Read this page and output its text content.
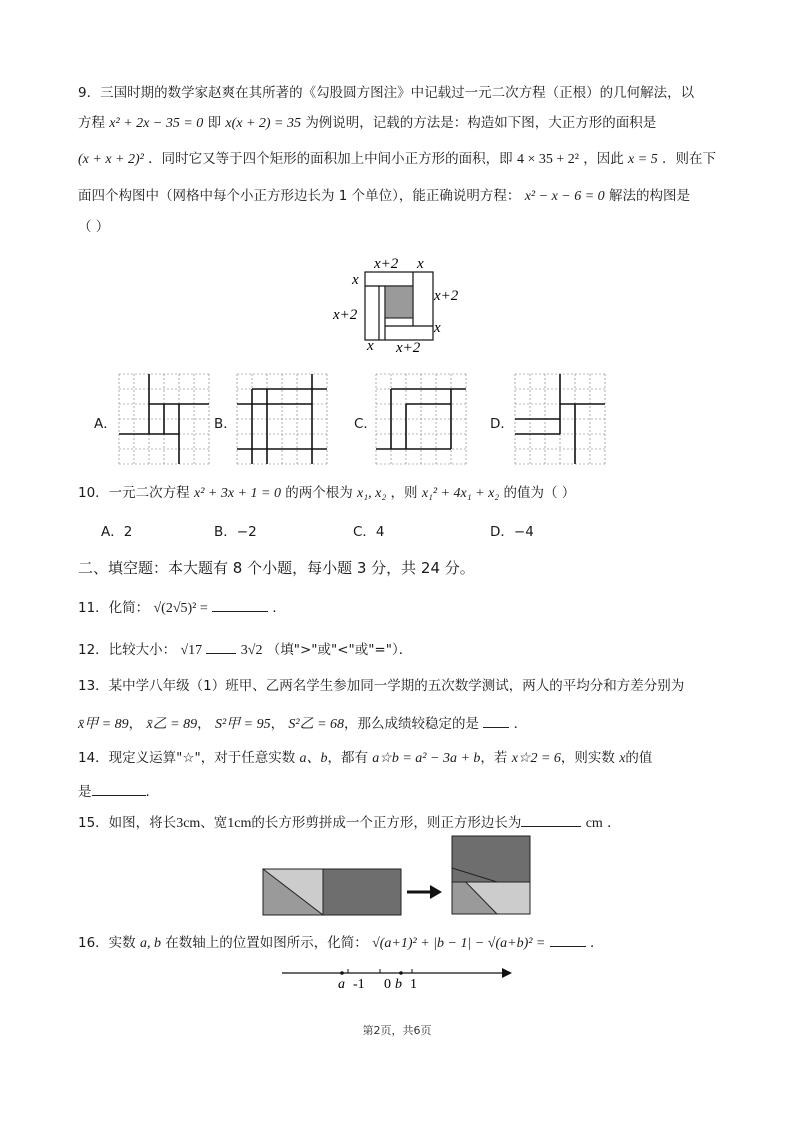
9．三国时期的数学家赵爽在其所著的《勾股圆方图注》中记载过一元二次方程（正根）的几何解法，以
方程 x² + 2x − 35 = 0 即 x(x + 2) = 35 为例说明，记载的方法是：构造如下图，大正方形的面积是
(x + x + 2)² ．同时它又等于四个矩形的面积加上中间小正方形的面积，即 4 × 35 + 2² ，因此 x = 5 ．则在下
面四个构图中（网格中每个小正方形边长为 1 个单位），能正确说明方程： x² − x − 6 = 0 解法的构图是
（ ）
x+2 x
x
x+2
x+2
x
x x+2
A．	B．	C．	D．
10．一元二次方程 x² + 3x + 1 = 0 的两个根为 x₁, x₂ ，则 x₁² + 4x₁ + x₂ 的值为（ ）
A．2	B．−2	C．4	D．−4
二、填空题：本大题有 8 个小题，每小题 3 分，共 24 分。
11．化简： √(2√5)² =	．
12．比较大小： √17	3√2 （填">"或"<"或"="）．
13．某中学八年级（1）班甲、乙两名学生参加同一学期的五次数学测试，两人的平均分和方差分别为
x̄甲 = 89， x̄乙 = 89， S²甲 = 95， S²乙 = 68，那么成绩较稳定的是	．
14．现定义运算"☆"，对于任意实数 a、b，都有 a☆b = a² − 3a + b，若 x☆2 = 6，则实数 x的值
是	．
15．如图，将长3cm、宽1cm的长方形剪拼成一个正方形，则正方形边长为	cm ．
16．实数 a, b 在数轴上的位置如图所示，化简： √(a+1)² + |b − 1| − √(a+b)² =	．
a -1 0 b 1
第2页，共6页
